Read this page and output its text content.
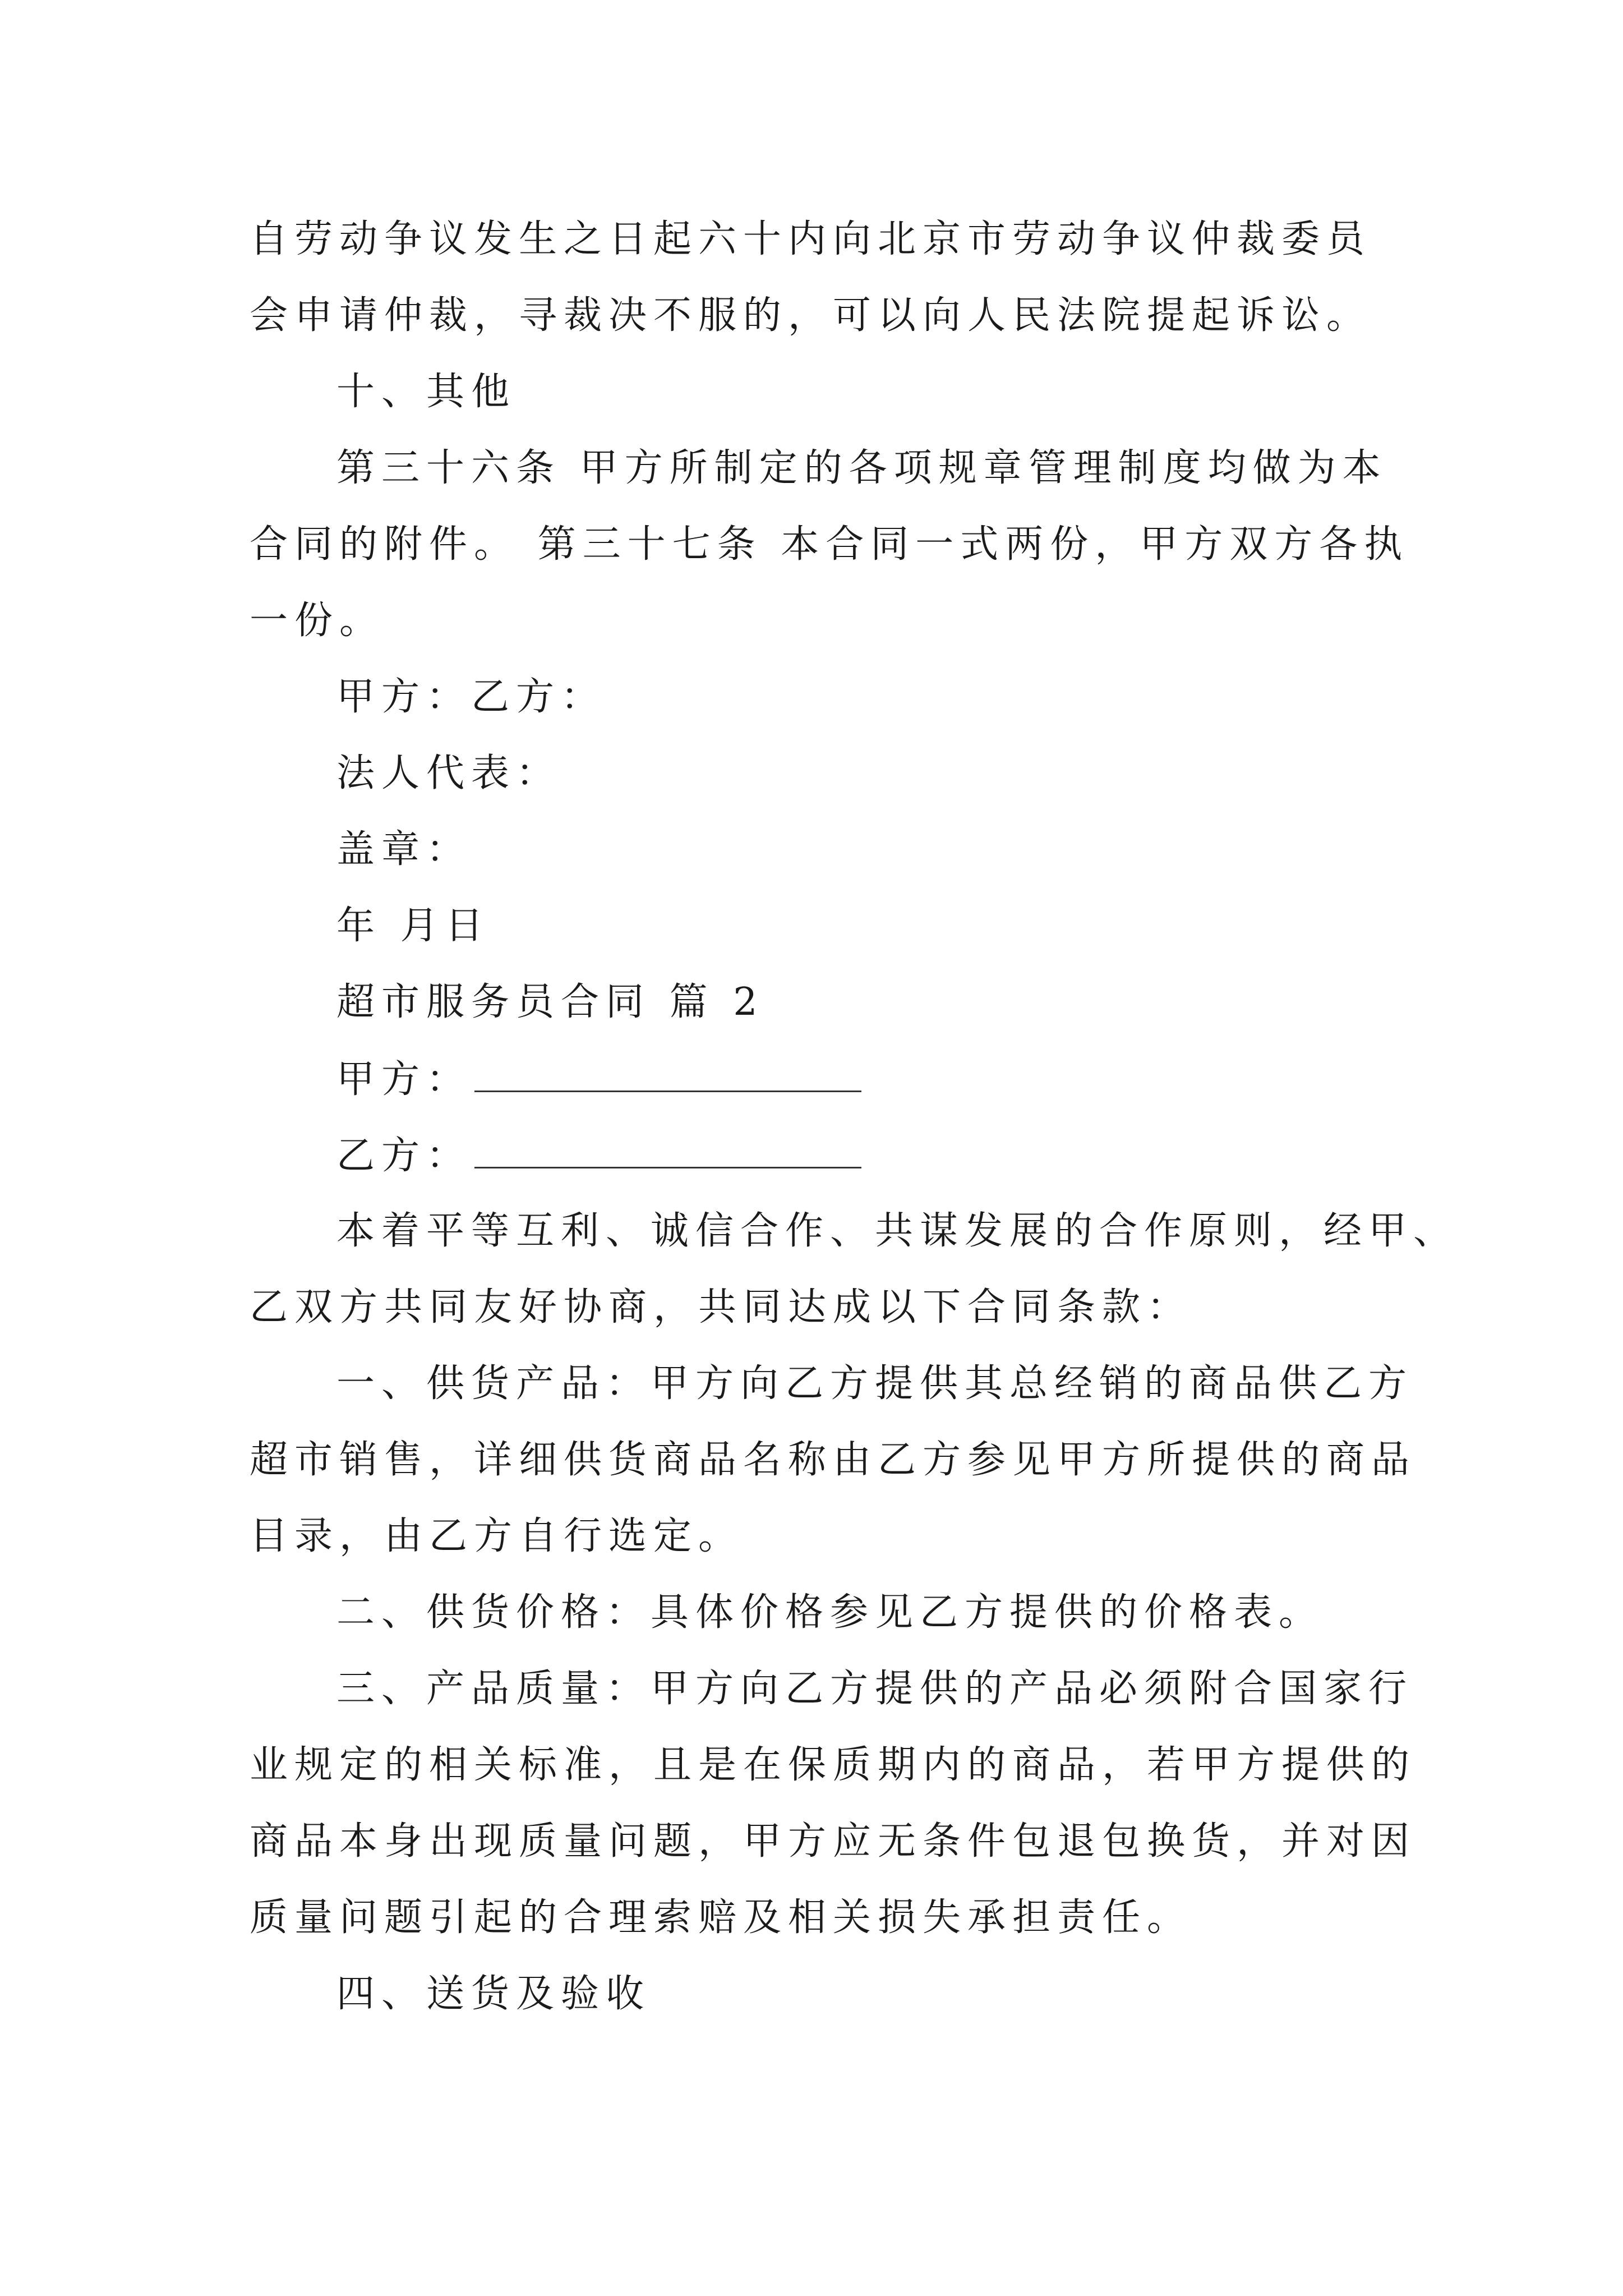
自劳动争议发生之日起六十内向北京市劳动争议仲裁委员
会申请仲裁，寻裁决不服的，可以向人民法院提起诉讼。
十、其他
第三十六条 甲方所制定的各项规章管理制度均做为本
合同的附件。 第三十七条 本合同一式两份，甲方双方各执
一份。
甲方：乙方：
法人代表：
盖章：
年 月日
超市服务员合同 篇 2
甲方：
乙方：
本着平等互利、诚信合作、共谋发展的合作原则，经甲、
乙双方共同友好协商，共同达成以下合同条款：
一、供货产品：甲方向乙方提供其总经销的商品供乙方
超市销售，详细供货商品名称由乙方参见甲方所提供的商品
目录，由乙方自行选定。
二、供货价格：具体价格参见乙方提供的价格表。
三、产品质量：甲方向乙方提供的产品必须附合国家行
业规定的相关标准，且是在保质期内的商品，若甲方提供的
商品本身出现质量问题，甲方应无条件包退包换货，并对因
质量问题引起的合理索赔及相关损失承担责任。
四、送货及验收
